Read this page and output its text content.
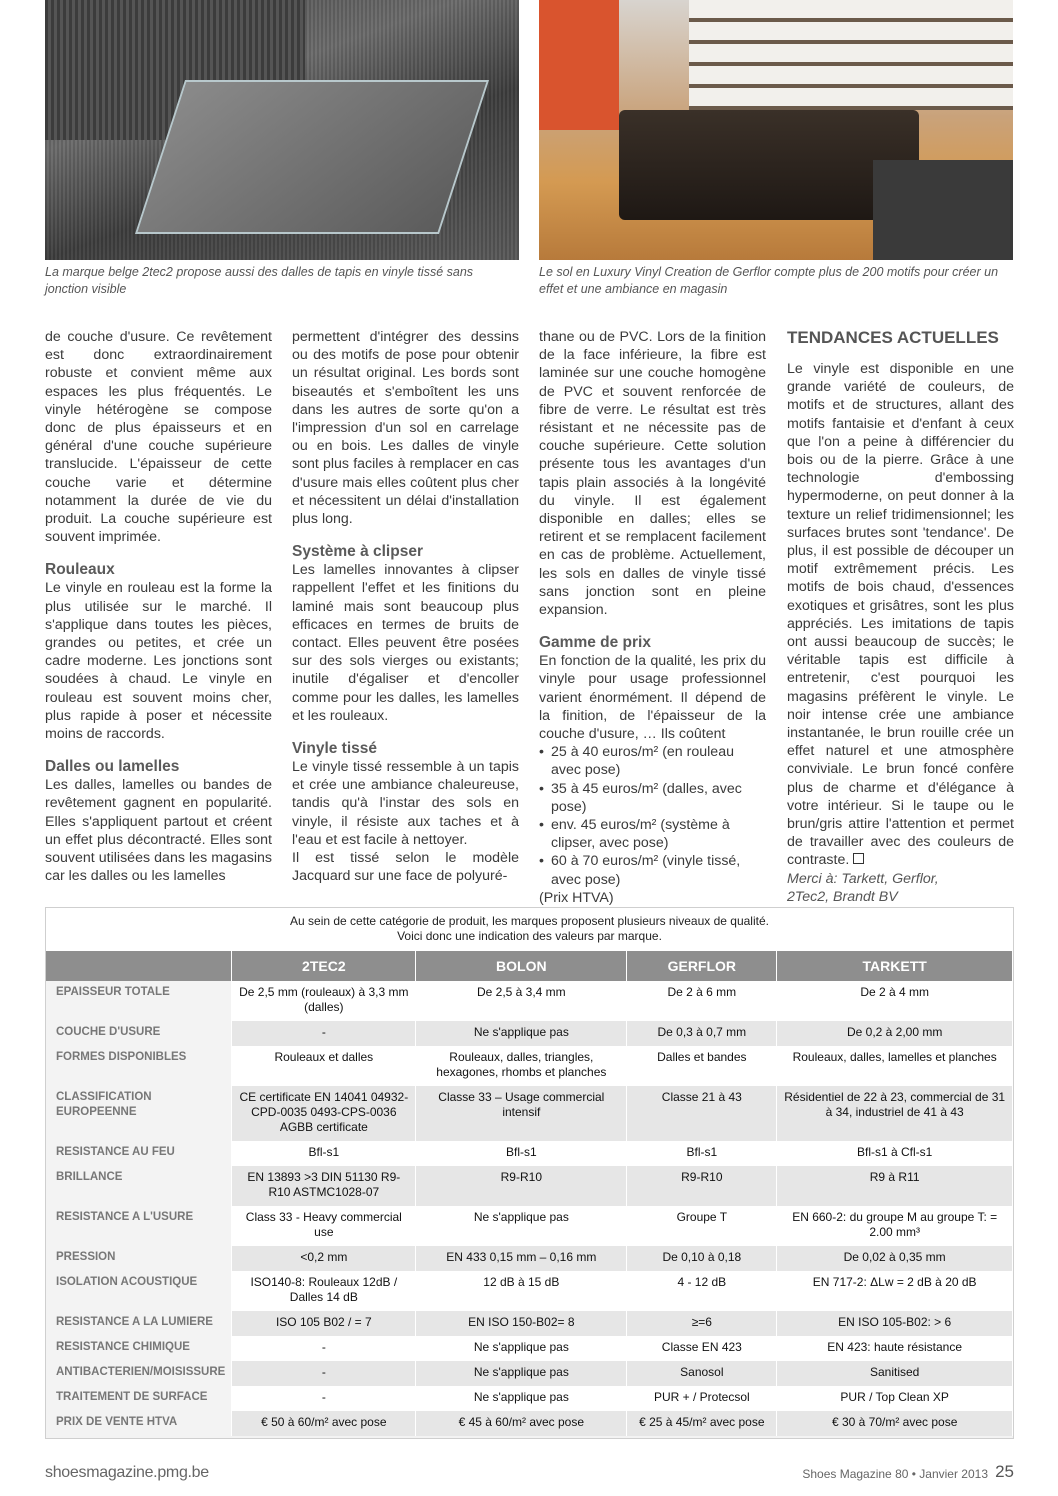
La marque belge 2tec2 propose aussi des dalles de tapis en vinyle tissé sans jonction visible
Le sol en Luxury Vinyl Creation de Gerflor compte plus de 200 motifs pour créer un effet et une ambiance en magasin

de couche d'usure. Ce revêtement est donc extraordinairement robuste et convient même aux espaces les plus fréquentés. Le vinyle hétérogène se compose donc de plus épaisseurs et en général d'une couche supérieure translucide. L'épaisseur de cette couche varie et détermine notamment la durée de vie du produit. La couche supérieure est souvent imprimée.

Rouleaux

Le vinyle en rouleau est la forme la plus utilisée sur le marché. Il s'applique dans toutes les pièces, grandes ou petites, et crée un cadre moderne. Les jonctions sont soudées à chaud. Le vinyle en rouleau est souvent moins cher, plus rapide à poser et nécessite moins de raccords.

Dalles ou lamelles

Les dalles, lamelles ou bandes de revêtement gagnent en popularité. Elles s'appliquent partout et créent un effet plus décontracté. Elles sont souvent utilisées dans les magasins car les dalles ou les lamelles

permettent d'intégrer des dessins ou des motifs de pose pour obtenir un résultat original. Les bords sont biseautés et s'emboîtent les uns dans les autres de sorte qu'on a l'impression d'un sol en carrelage ou en bois. Les dalles de vinyle sont plus faciles à remplacer en cas d'usure mais elles coûtent plus cher et nécessitent un délai d'installation plus long.

Système à clipser

Les lamelles innovantes à clipser rappellent l'effet et les finitions du laminé mais sont beaucoup plus efficaces en termes de bruits de contact. Elles peuvent être posées sur des sols vierges ou existants; inutile d'égaliser et d'encoller comme pour les dalles, les lamelles et les rouleaux.

Vinyle tissé

Le vinyle tissé ressemble à un tapis et crée une ambiance chaleureuse, tandis qu'à l'instar des sols en vinyle, il résiste aux taches et à l'eau et est facile à nettoyer.

Il est tissé selon le modèle Jacquard sur une face de polyuré-

thane ou de PVC. Lors de la finition de la face inférieure, la fibre est laminée sur une couche homogène de PVC et souvent renforcée de fibre de verre. Le résultat est très résistant et ne nécessite pas de couche supérieure. Cette solution présente tous les avantages d'un tapis plain associés à la longévité du vinyle. Il est également disponible en dalles; elles se retirent et se remplacent facilement en cas de problème. Actuellement, les sols en dalles de vinyle tissé sans jonction sont en pleine expansion.

Gamme de prix

En fonction de la qualité, les prix du vinyle pour usage professionnel varient énormément. Il dépend de la finition, de l'épaisseur de la couche d'usure, … Ils coûtent

• 25 à 40 euros/m² (en rouleau avec pose)
• 35 à 45 euros/m² (dalles, avec pose)
• env. 45 euros/m² (système à clipser, avec pose)
• 60 à 70 euros/m² (vinyle tissé, avec pose)

(Prix HTVA)

TENDANCES ACTUELLES

Le vinyle est disponible en une grande variété de couleurs, de motifs et de structures, allant des motifs fantaisie et d'enfant à ceux que l'on a peine à différencier du bois ou de la pierre. Grâce à une technologie d'embossing hypermoderne, on peut donner à la texture un relief tridimensionnel; les surfaces brutes sont 'tendance'. De plus, il est possible de découper un motif extrêmement précis. Les motifs de bois chaud, d'essences exotiques et grisâtres, sont les plus appréciés. Les imitations de tapis ont aussi beaucoup de succès; le véritable tapis est difficile à entretenir, c'est pourquoi les magasins préfèrent le vinyle. Le noir intense crée une ambiance instantanée, le brun rouille crée un effet naturel et une atmosphère conviviale. Le brun foncé confère plus de charme et d'élégance à votre intérieur. Si le taupe ou le brun/gris attire l'attention et permet de travailler avec des couleurs de contraste.

Merci à: Tarkett, Gerflor,

2Tec2, Brandt BV

Au sein de cette catégorie de produit, les marques proposent plusieurs niveaux de qualité.
Voici donc une indication des valeurs par marque.
	2TEC2	BOLON	GERFLOR	TARKETT
EPAISSEUR TOTALE	De 2,5 mm (rouleaux) à 3,3 mm (dalles)	De 2,5 à 3,4 mm	De 2 à 6 mm	De 2 à 4 mm
COUCHE D'USURE	-	Ne s'applique pas	De 0,3 à 0,7 mm	De 0,2 à 2,00 mm
FORMES DISPONIBLES	Rouleaux et dalles	Rouleaux, dalles, triangles, hexagones, rhombs et planches	Dalles et bandes	Rouleaux, dalles, lamelles et planches
CLASSIFICATION EUROPEENNE	CE certificate EN 14041 04932-CPD-0035 0493-CPS-0036 AGBB certificate	Classe 33 – Usage commercial intensif	Classe 21 à 43	Résidentiel de 22 à 23, commercial de 31 à 34, industriel de 41 à 43
RESISTANCE AU FEU	Bfl-s1	Bfl-s1	Bfl-s1	Bfl-s1 à Cfl-s1
BRILLANCE	EN 13893 >3 DIN 51130 R9-R10 ASTMC1028-07	R9-R10	R9-R10	R9 à R11
RESISTANCE A L'USURE	Class 33 - Heavy commercial use	Ne s'applique pas	Groupe T	EN 660-2: du groupe M au groupe T: = 2.00 mm³
PRESSION	<0,2 mm	EN 433 0,15 mm – 0,16 mm	De 0,10 à 0,18	De 0,02 à 0,35 mm
ISOLATION ACOUSTIQUE	ISO140-8: Rouleaux 12dB / Dalles 14 dB	12 dB à 15 dB	4 - 12 dB	EN 717-2: ΔLw = 2 dB à 20 dB
RESISTANCE A LA LUMIERE	ISO 105 B02 / = 7	EN ISO 150-B02= 8	≥=6	EN ISO 105-B02: > 6
RESISTANCE CHIMIQUE	-	Ne s'applique pas	Classe EN 423	EN 423: haute résistance
ANTIBACTERIEN/MOISISSURE	-	Ne s'applique pas	Sanosol	Sanitised
TRAITEMENT DE SURFACE	-	Ne s'applique pas	PUR + / Protecsol	PUR / Top Clean XP
PRIX DE VENTE HTVA	€ 50 à 60/m² avec pose	€ 45 à 60/m² avec pose	€ 25 à 45/m² avec pose	€ 30 à 70/m² avec pose
shoesmagazine.pmg.be	Shoes Magazine 80 • Janvier 2013 25
